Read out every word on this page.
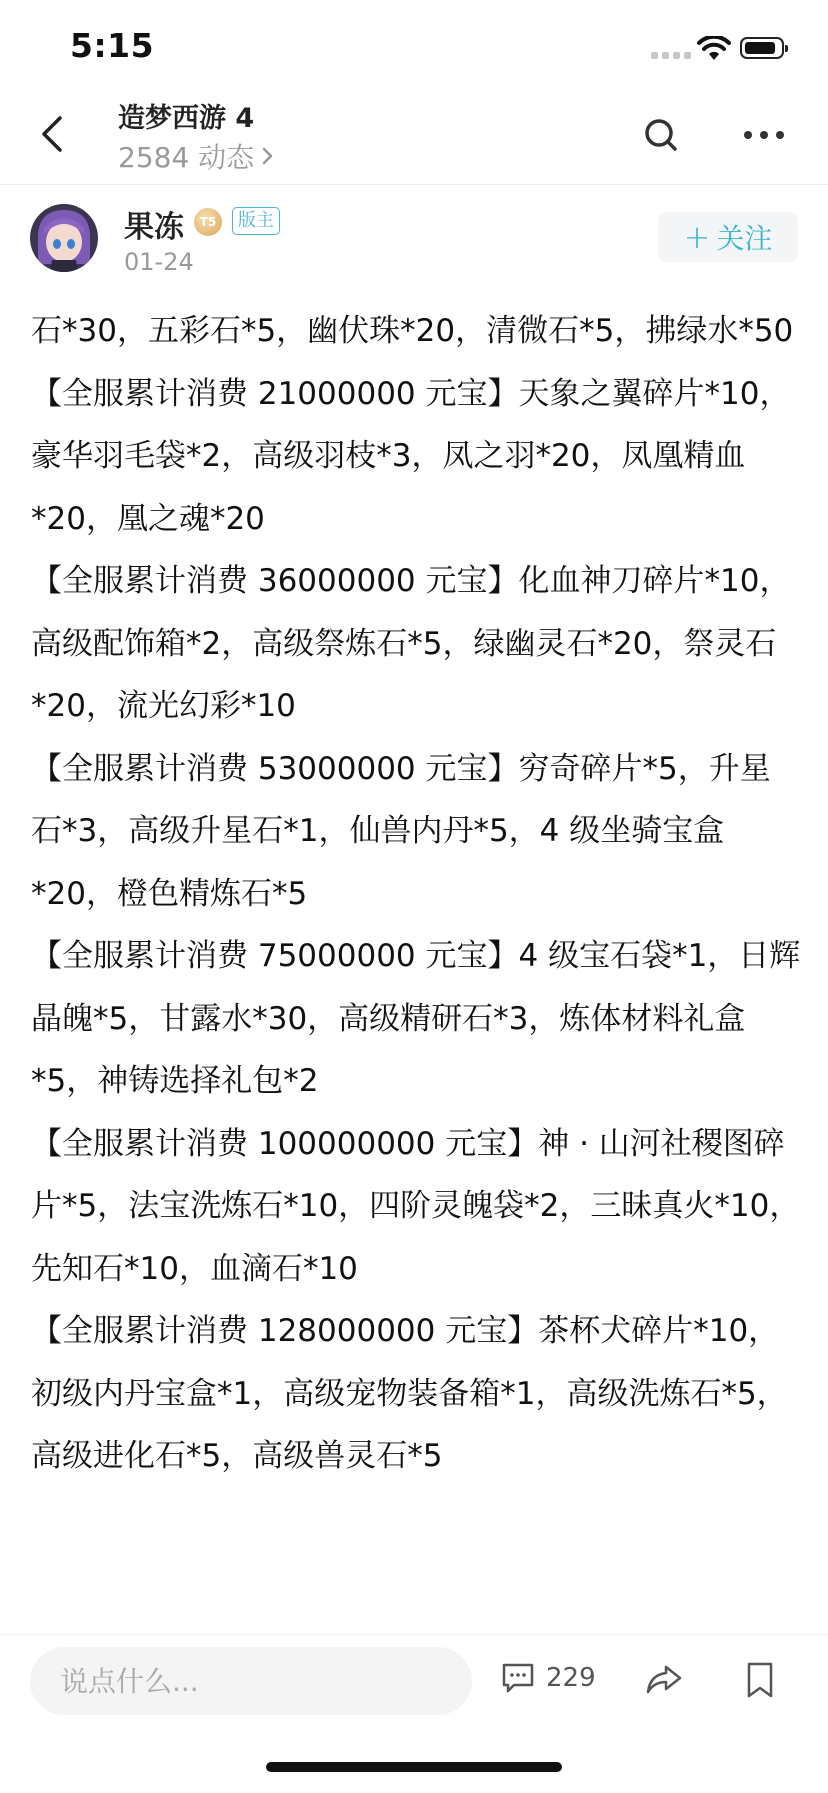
5:15
造梦西游 4
2584 动态
果冻	T5	版主
01-24
+ 关注

石*30，五彩石*5，幽伏珠*20，清微石*5，拂绿水*50

【全服累计消费 21000000 元宝】天象之翼碎片*10，豪华羽毛袋*2，高级羽枝*3，凤之羽*20，凤凰精血*20，凰之魂*20

【全服累计消费 36000000 元宝】化血神刀碎片*10，高级配饰箱*2，高级祭炼石*5，绿幽灵石*20，祭灵石*20，流光幻彩*10

【全服累计消费 53000000 元宝】穷奇碎片*5，升星石*3，高级升星石*1，仙兽内丹*5，4 级坐骑宝盒*20，橙色精炼石*5

【全服累计消费 75000000 元宝】4 级宝石袋*1，日辉晶魄*5，甘露水*30，高级精研石*3，炼体材料礼盒*5，神铸选择礼包*2

【全服累计消费 100000000 元宝】神 · 山河社稷图碎片*5，法宝洗炼石*10，四阶灵魄袋*2，三昧真火*10，先知石*10，血滴石*10

【全服累计消费 128000000 元宝】茶杯犬碎片*10，初级内丹宝盒*1，高级宠物装备箱*1，高级洗炼石*5，高级进化石*5，高级兽灵石*5

说点什么...
229
